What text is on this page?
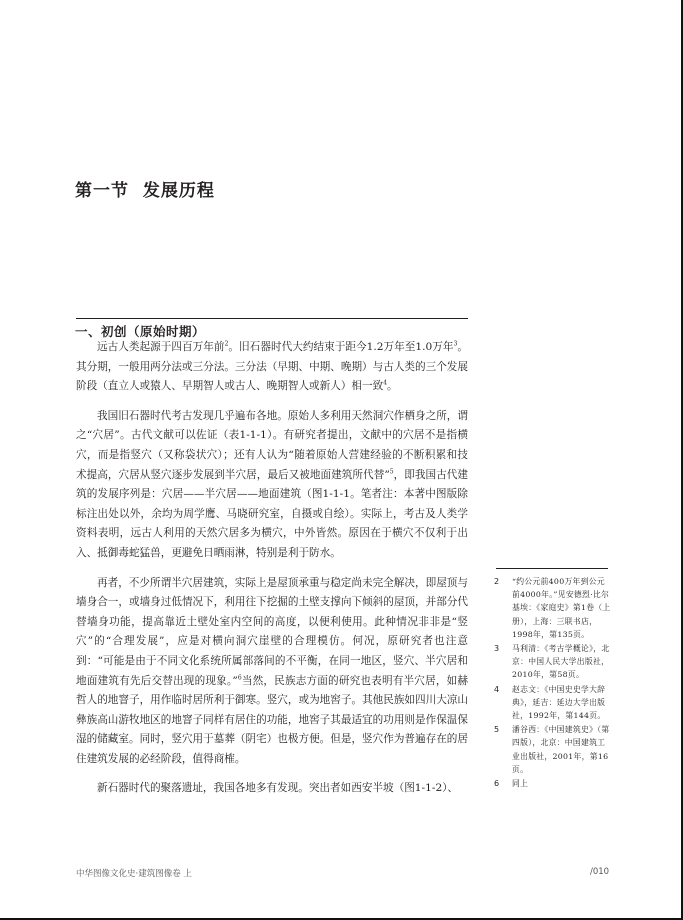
第一节  发展历程
一、初创（原始时期）

远古人类起源于四百万年前$^2$。旧石器时代大约结束于距今1.2万年至1.0万年$^3$。其分期，一般用两分法或三分法。三分法（早期、中期、晚期）与古人类的三个发展阶段（直立人或猿人、早期智人或古人、晚期智人或新人）相一致$^4$。

我国旧石器时代考古发现几乎遍布各地。原始人多利用天然洞穴作栖身之所，谓之“穴居”。古代文献可以佐证（表1-1-1）。有研究者提出，文献中的穴居不是指横穴，而是指竖穴（又称袋状穴）；还有人认为“随着原始人营建经验的不断积累和技术提高，穴居从竖穴逐步发展到半穴居，最后又被地面建筑所代替”$^5$，即我国古代建筑的发展序列是：穴居——半穴居——地面建筑（图1-1-1。笔者注：本著中图版除标注出处以外，余均为周学鹰、马晓研究室，自摄或自绘）。实际上，考古及人类学资料表明，远古人利用的天然穴居多为横穴，中外皆然。原因在于横穴不仅利于出入、抵御毒蛇猛兽，更避免日晒雨淋，特别是利于防水。

再者，不少所谓半穴居建筑，实际上是屋顶承重与稳定尚未完全解决，即屋顶与墙身合一，或墙身过低情况下，利用往下挖掘的土壁支撑向下倾斜的屋顶，并部分代替墙身功能，提高靠近土壁处室内空间的高度，以便利使用。此种情况非非是“竖穴”的“合理发展”，应是对横向洞穴崖壁的合理模仿。何况，原研究者也注意到：“可能是由于不同文化系统所属部落间的不平衡，在同一地区，竖穴、半穴居和地面建筑有先后交替出现的现象。”$^6$当然，民族志方面的研究也表明有半穴居，如赫哲人的地窨子，用作临时居所利于御寒。竖穴，或为地窖子。其他民族如四川大凉山彝族高山游牧地区的地窨子同样有居住的功能，地窖子其最适宜的功用则是作保温保湿的储藏室。同时，竖穴用于墓葬（阴宅）也极方便。但是，竖穴作为普遍存在的居住建筑发展的必经阶段，值得商榷。

新石器时代的聚落遗址，我国各地多有发现。突出者如西安半坡（图1-1-2）、

2	“约公元前400万年到公元前4000年。”见安德烈·比尔基埃：《家庭史》第1卷（上册），上海：三联书店，1998年，第135页。
3	马利清：《考古学概论》，北京：中国人民大学出版社，2010年，第58页。
4	赵志文：《中国史史学大辞典》，延吉：延边大学出版社，1992年，第144页。
5	潘谷西：《中国建筑史》（第四版），北京：中国建筑工业出版社，2001年，第16页。
6	同上
中华图像文化史·建筑图像卷 上	/010
